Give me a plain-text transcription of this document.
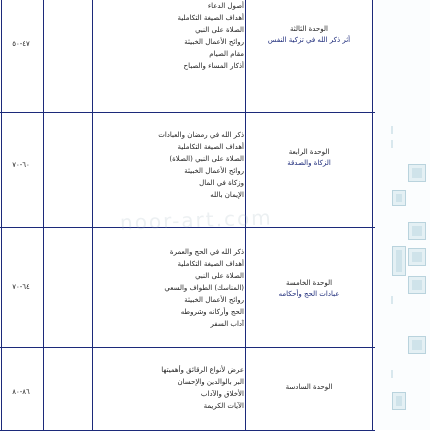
٤٧-٥٠
أصول الدعاء
أهداف الصيغة التكاملية
الصلاة على النبي
روائح الأعمال الخبيثة
مقام الصيام
أذكار المساء والصباح
الوحدة الثالثة
أثر ذكر الله في تزكية النفس
٦٠-٧٠
ذكر الله في رمضان والعبادات
أهداف الصيغة التكاملية
الصلاة على النبي (الصلاة)
روائح الأعمال الخبيثة
وزكاة في المال
الإيمان بالله
الوحدة الرابعة
الزكاة والصدقة
٦٤-٧٠
ذكر الله في الحج والعمرة
أهداف الصيغة التكاملية
الصلاة على النبي
(المناسك) الطواف والسعي
روائح الأعمال الخبيثة
الحج وأركانه وشروطه
آداب السفر
الوحدة الخامسة
عبادات الحج وأحكامه
٨٦-٨٠
عرض لأنواع الرقائق وأهميتها
البر بالوالدين والإحسان
الأخلاق والآداب
الآيات الكريمة
الوحدة السادسة
noor-art.com
